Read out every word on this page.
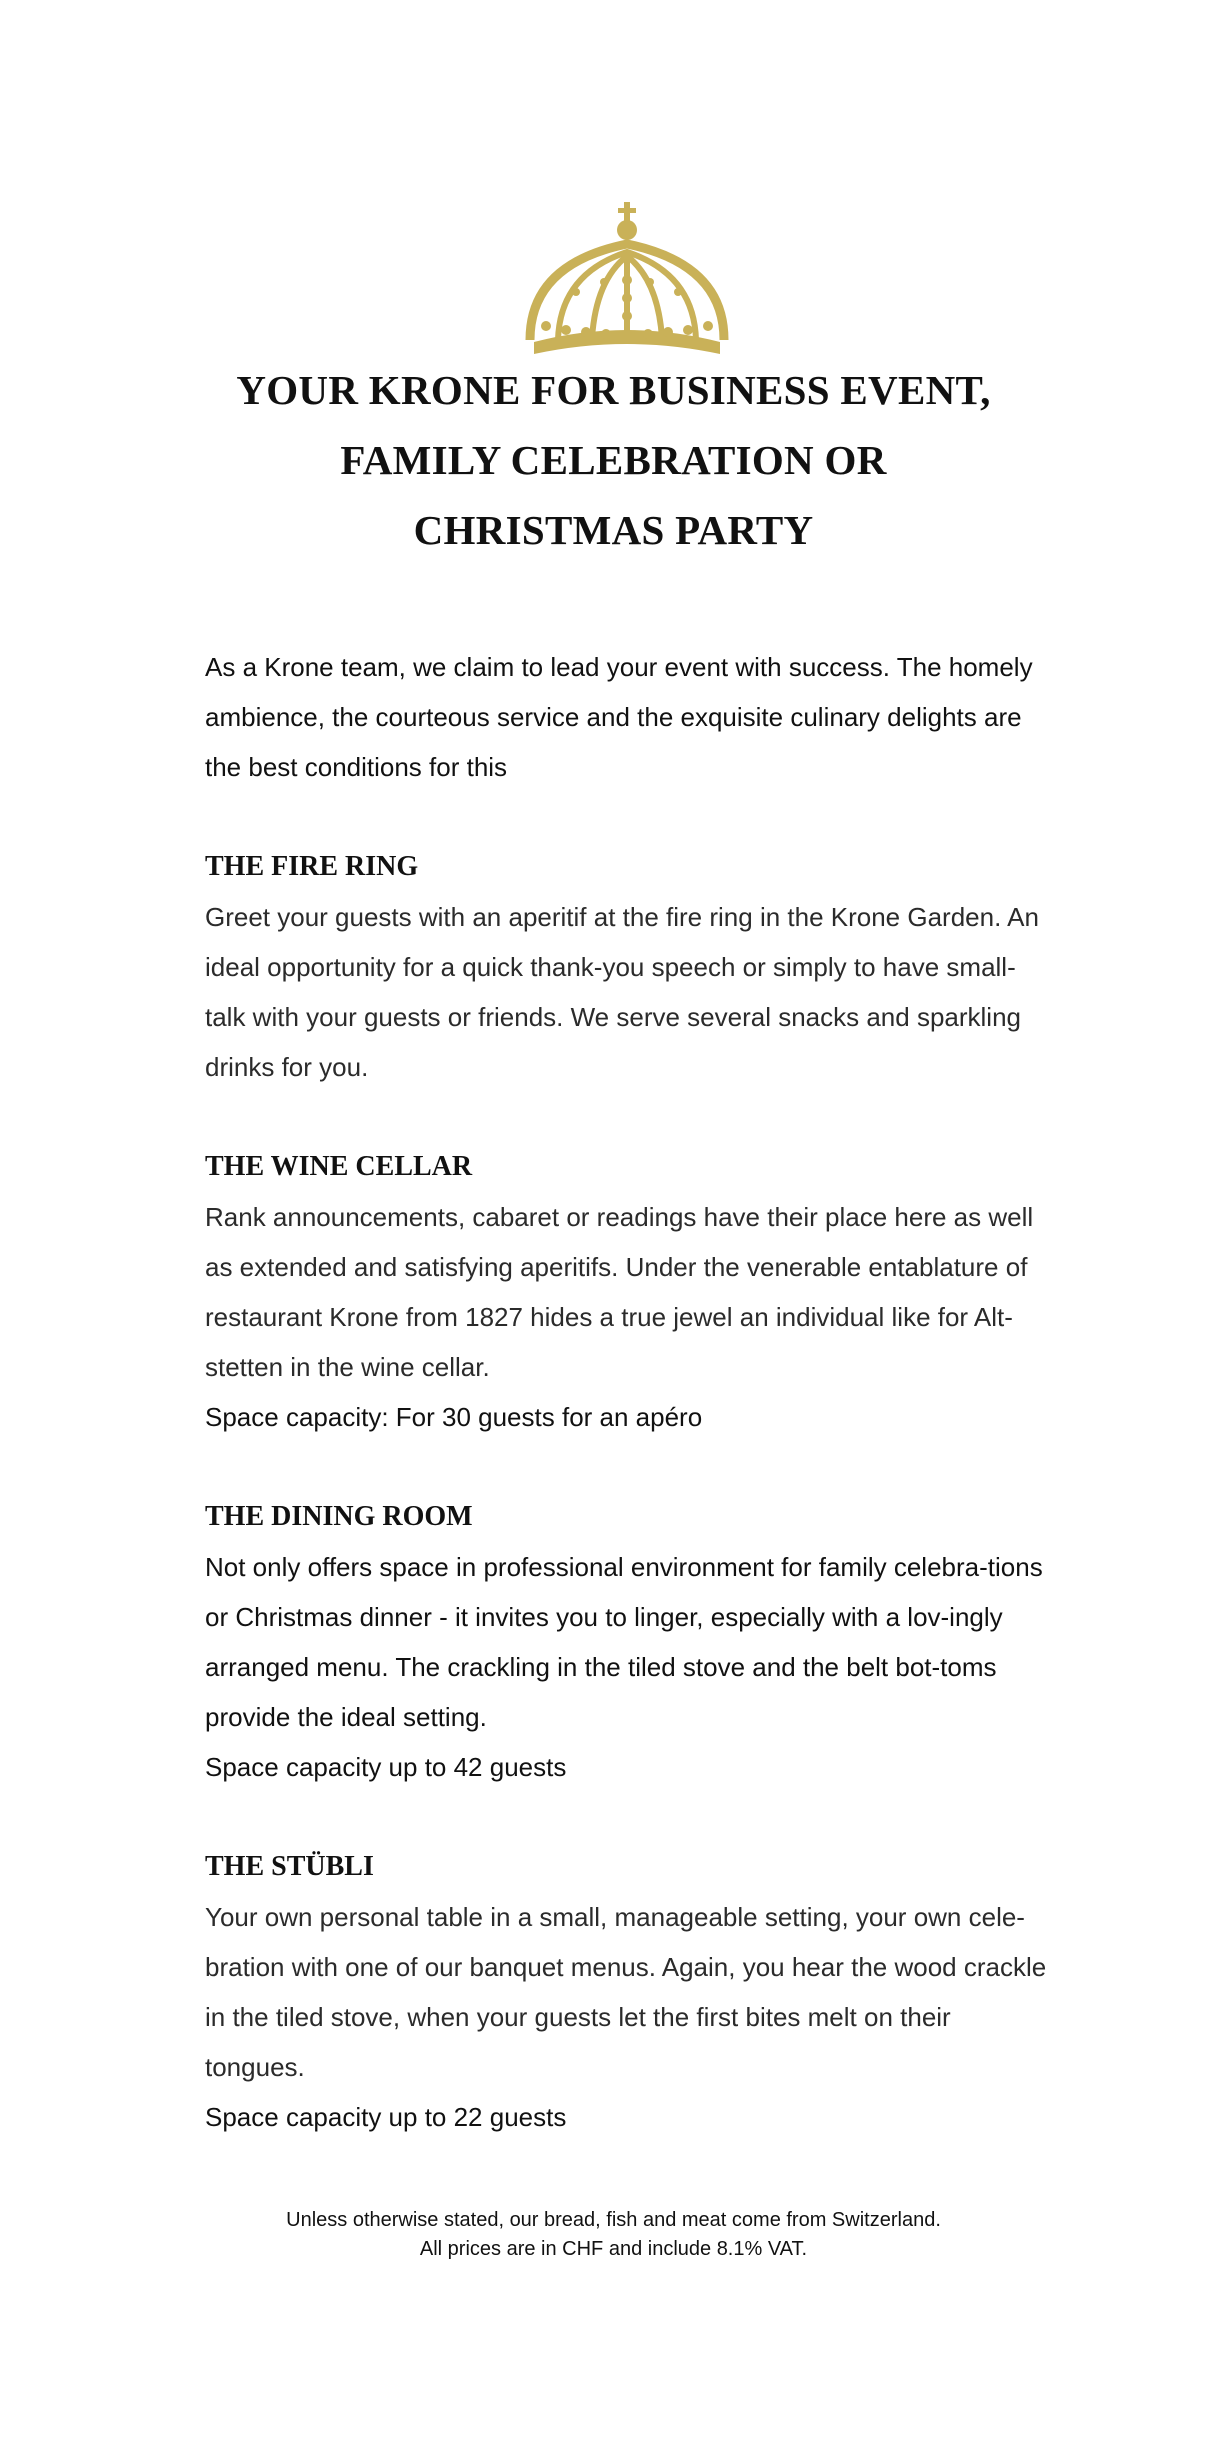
YOUR KRONE FOR BUSINESS EVENT,
FAMILY CELEBRATION OR
CHRISTMAS PARTY

As a Krone team, we claim to lead your event with success. The homely ambience, the courteous service and the exquisite culinary delights are the best conditions for this

THE FIRE RING

Greet your guests with an aperitif at the fire ring in the Krone Garden. An ideal opportunity for a quick thank-you speech or simply to have small-talk with your guests or friends. We serve several snacks and sparkling drinks for you.

THE WINE CELLAR

Rank announcements, cabaret or readings have their place here as well as extended and satisfying aperitifs. Under the venerable entablature of restaurant Krone from 1827 hides a true jewel an individual like for Alt-stetten in the wine cellar.

Space capacity: For 30 guests for an apéro

THE DINING ROOM

Not only offers space in professional environment for family celebra-tions or Christmas dinner - it invites you to linger, especially with a lov-ingly arranged menu. The crackling in the tiled stove and the belt bot-toms provide the ideal setting.

Space capacity up to 42 guests

THE STÜBLI

Your own personal table in a small, manageable setting, your own cele-bration with one of our banquet menus. Again, you hear the wood crackle in the tiled stove, when your guests let the first bites melt on their tongues.

Space capacity up to 22 guests

Unless otherwise stated, our bread, fish and meat come from Switzerland.
All prices are in CHF and include 8.1% VAT.
